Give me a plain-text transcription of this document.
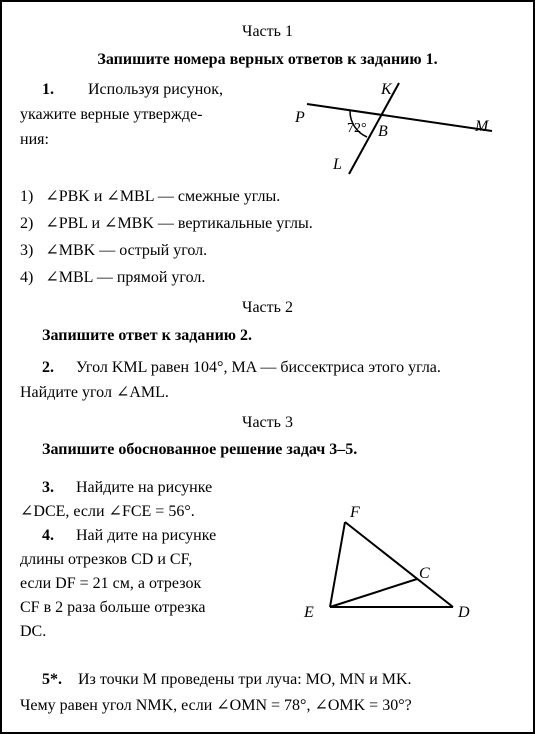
Часть 1
Запишите номера верных ответов к заданию 1.
1. Используя рисунок,
укажите верные утвержде-
ния:
K
P
M
B
L
72°
1) ∠PBK и ∠MBL — смежные углы.
2) ∠PBL и ∠MBK — вертикальные углы.
3) ∠MBK — острый угол.
4) ∠MBL — прямой угол.
Часть 2
Запишите ответ к заданию 2.
2. Угол KML равен 104°, MA — биссектриса этого угла.
Найдите угол ∠AML.
Часть 3
Запишите обоснованное решение задач 3–5.
3. Найдите на рисунке
∠DCE, если ∠FCE = 56°.
4. Най дите на рисунке
длины отрезков CD и CF,
если DF = 21 см, а отрезок
CF в 2 раза больше отрезка
DC.
F
C
E	D
5*. Из точки M проведены три луча: MO, MN и MK.
Чему равен угол NMK, если ∠OMN = 78°, ∠OMK = 30°?
